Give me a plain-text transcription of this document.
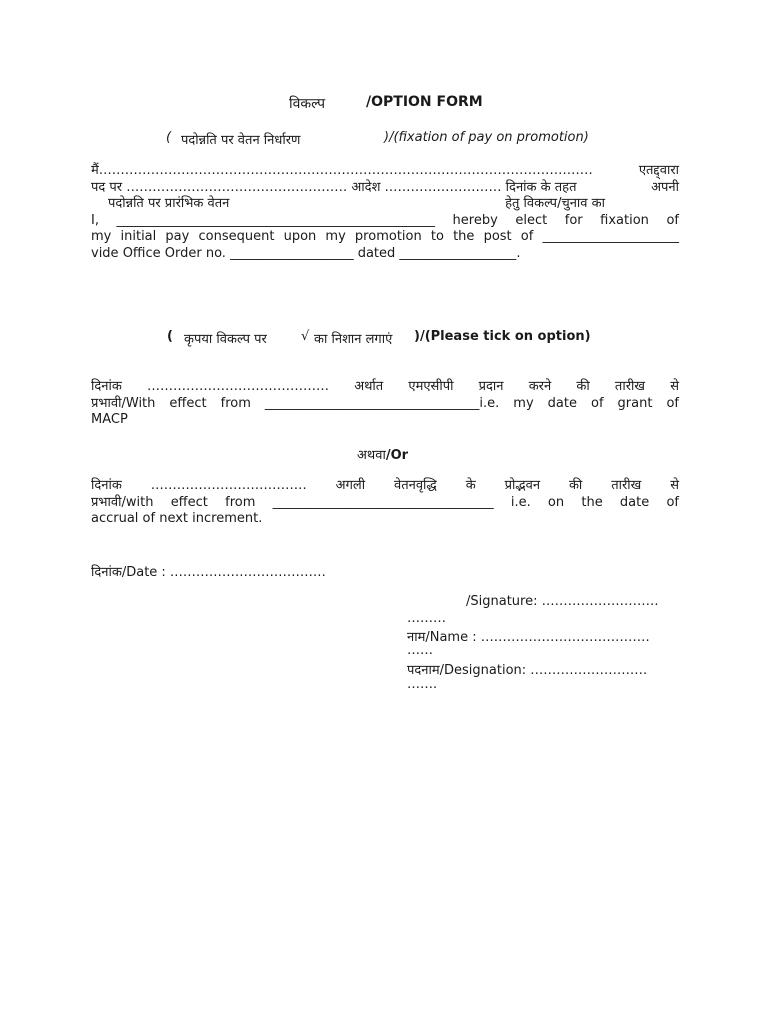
विकल्प	/OPTION FORM
( पदोन्नति पर वेतन निर्धारण	)/(fixation of pay on promotion)
मैं…………………………………………………………………………………………………… एतद्द्वारा
पद पर …………………………………………… आदेश ……………………… दिनांक के तहत	अपनी
पदोन्नति पर प्रारंभिक वेतन	हेतु विकल्प/चुनाव का
I, _________________________________________________ hereby elect for fixation of
my initial pay consequent upon my promotion to the post of _____________________
vide Office Order no. ___________________ dated __________________.
( कृपया विकल्प पर	√ का निशान लगाएं )/(Please tick on option)
दिनांक …………………………………… अर्थात एमएसीपी प्रदान करने की तारीख से
प्रभावी/With effect from _________________________________i.e. my date of grant of
MACP
अथवा/Or
दिनांक ……………………………… अगली वेतनवृद्धि के प्रोद्भवन की तारीख से
प्रभावी/with effect from __________________________________ i.e. on the date of
accrual of next increment.
दिनांक/Date : ………………………………
/Signature: ………………………
………
नाम/Name : …………………………………
……
पदनाम/Designation: ………………………
…….
